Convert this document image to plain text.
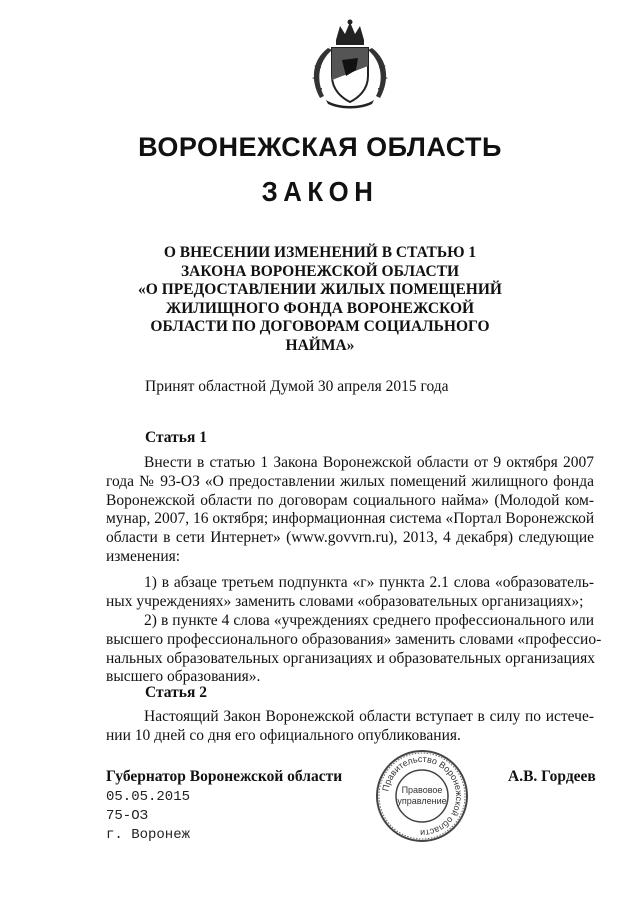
ВОРОНЕЖСКАЯ ОБЛАСТЬ
ЗАКОН
О ВНЕСЕНИИ ИЗМЕНЕНИЙ В СТАТЬЮ 1
ЗАКОНА ВОРОНЕЖСКОЙ ОБЛАСТИ
«О ПРЕДОСТАВЛЕНИИ ЖИЛЫХ ПОМЕЩЕНИЙ
ЖИЛИЩНОГО ФОНДА ВОРОНЕЖСКОЙ
ОБЛАСТИ ПО ДОГОВОРАМ СОЦИАЛЬНОГО
НАЙМА»
Принят областной Думой 30 апреля 2015 года
Статья 1
Внести в статью 1 Закона Воронежской области от 9 октября 2007
года № 93-ОЗ «О предоставлении жилых помещений жилищного фонда
Воронежской области по договорам социального найма» (Молодой ком-
мунар, 2007, 16 октября; информационная система «Портал Воронежской
области в сети Интернет» (www.govvrn.ru), 2013, 4 декабря) следующие
изменения:
1) в абзаце третьем подпункта «г» пункта 2.1 слова «образователь-
ных учреждениях» заменить словами «образовательных организациях»;
2) в пункте 4 слова «учреждениях среднего профессионального или
высшего профессионального образования» заменить словами «профессио-
нальных образовательных организациях и образовательных организациях
высшего образования».
Статья 2
Настоящий Закон Воронежской области вступает в силу по истече-
нии 10 дней со дня его официального опубликования.
Губернатор Воронежской области	А.В. Гордеев
05.05.2015
75-ОЗ
г. Воронеж
Правительство Воронежской области
Правовое
управление
